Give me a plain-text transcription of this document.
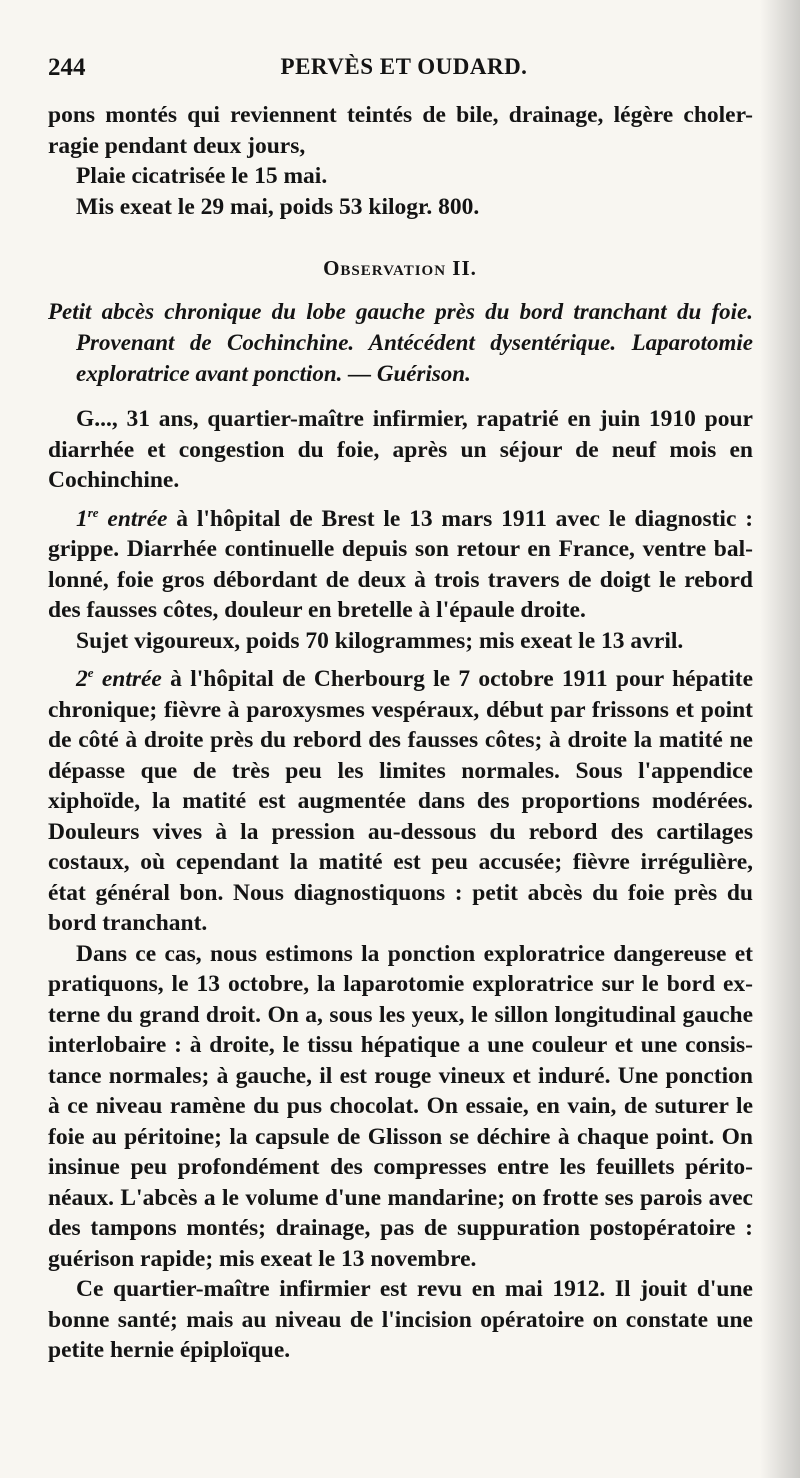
244	PERVÈS ET OUDARD.

pons montés qui reviennent teintés de bile, drainage, légère choler-ragie pendant deux jours,

Plaie cicatrisée le 15 mai.

Mis exeat le 29 mai, poids 53 kilogr. 800.

Observation II.

Petit abcès chronique du lobe gauche près du bord tranchant du foie. Provenant de Cochinchine. Antécédent dysentérique. Laparotomie exploratrice avant ponction. — Guérison.

G..., 31 ans, quartier-maître infirmier, rapatrié en juin 1910 pour diarrhée et congestion du foie, après un séjour de neuf mois en Cochinchine.

1re entrée à l'hôpital de Brest le 13 mars 1911 avec le diagnostic : grippe. Diarrhée continuelle depuis son retour en France, ventre bal-lonné, foie gros débordant de deux à trois travers de doigt le rebord des fausses côtes, douleur en bretelle à l'épaule droite.

Sujet vigoureux, poids 70 kilogrammes; mis exeat le 13 avril.

2e entrée à l'hôpital de Cherbourg le 7 octobre 1911 pour hépatite chronique; fièvre à paroxysmes vespéraux, début par frissons et point de côté à droite près du rebord des fausses côtes; à droite la matité ne dépasse que de très peu les limites normales. Sous l'appendice xiphoïde, la matité est augmentée dans des proportions modérées. Douleurs vives à la pression au-dessous du rebord des cartilages costaux, où cependant la matité est peu accusée; fièvre irrégulière, état général bon. Nous diagnostiquons : petit abcès du foie près du bord tranchant.

Dans ce cas, nous estimons la ponction exploratrice dangereuse et pratiquons, le 13 octobre, la laparotomie exploratrice sur le bord ex-terne du grand droit. On a, sous les yeux, le sillon longitudinal gauche interlobaire : à droite, le tissu hépatique a une couleur et une consis-tance normales; à gauche, il est rouge vineux et induré. Une ponction à ce niveau ramène du pus chocolat. On essaie, en vain, de suturer le foie au péritoine; la capsule de Glisson se déchire à chaque point. On insinue peu profondément des compresses entre les feuillets périto-néaux. L'abcès a le volume d'une mandarine; on frotte ses parois avec des tampons montés; drainage, pas de suppuration postopératoire : guérison rapide; mis exeat le 13 novembre.

Ce quartier-maître infirmier est revu en mai 1912. Il jouit d'une bonne santé; mais au niveau de l'incision opératoire on constate une petite hernie épiploïque.
